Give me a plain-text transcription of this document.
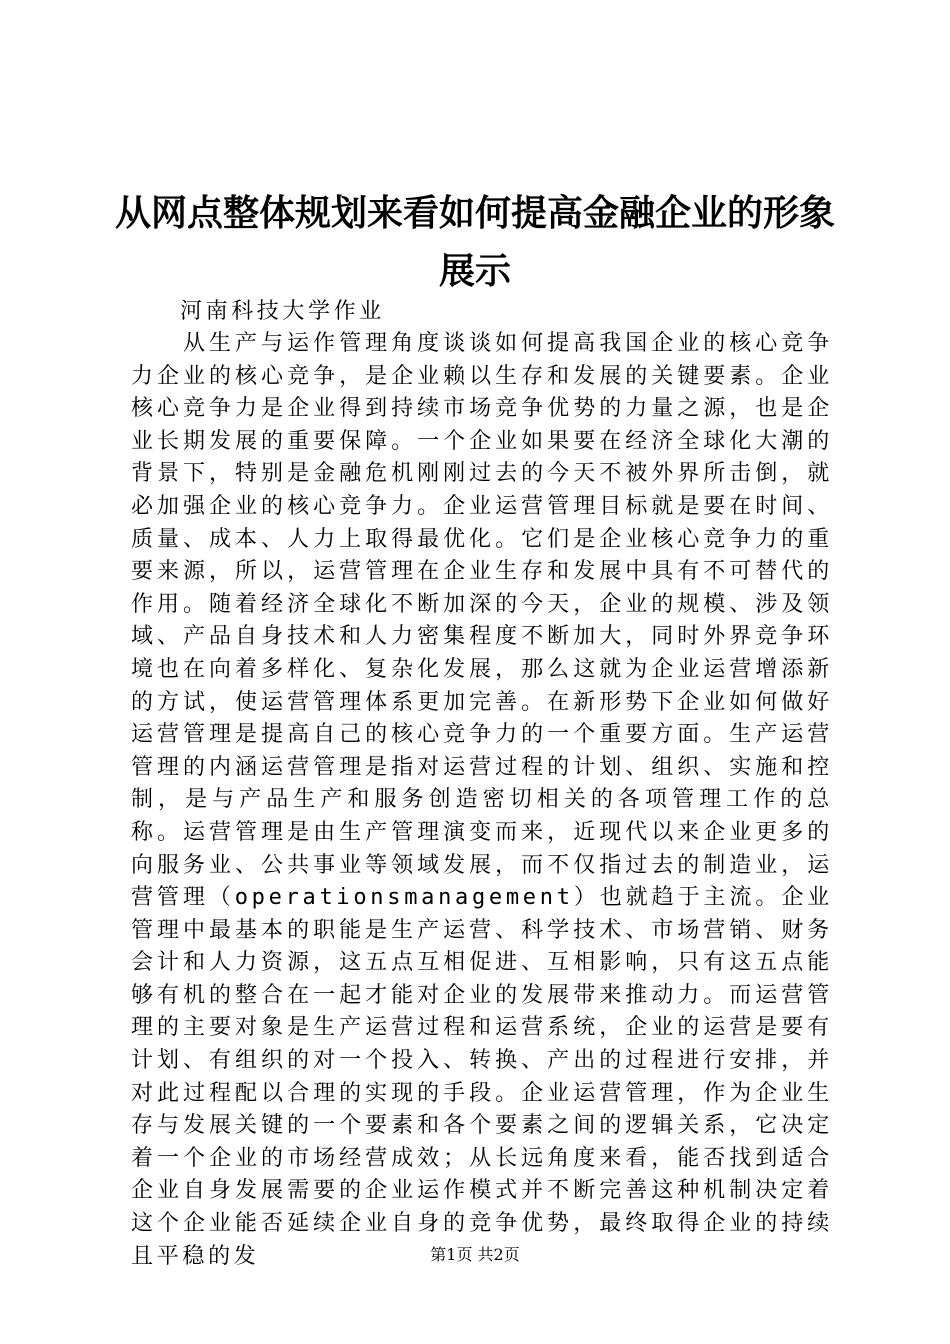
从网点整体规划来看如何提高金融企业的形象展示

河南科技大学作业

从生产与运作管理角度谈谈如何提高我国企业的核心竞争力企业的核心竞争，是企业赖以生存和发展的关键要素。企业核心竞争力是企业得到持续市场竞争优势的力量之源，也是企业长期发展的重要保障。一个企业如果要在经济全球化大潮的背景下，特别是金融危机刚刚过去的今天不被外界所击倒，就必加强企业的核心竞争力。企业运营管理目标就是要在时间、质量、成本、人力上取得最优化。它们是企业核心竞争力的重要来源，所以，运营管理在企业生存和发展中具有不可替代的作用。随着经济全球化不断加深的今天，企业的规模、涉及领域、产品自身技术和人力密集程度不断加大，同时外界竞争环境也在向着多样化、复杂化发展，那么这就为企业运营增添新的方试，使运营管理体系更加完善。在新形势下企业如何做好运营管理是提高自己的核心竞争力的一个重要方面。生产运营管理的内涵运营管理是指对运营过程的计划、组织、实施和控制，是与产品生产和服务创造密切相关的各项管理工作的总称。运营管理是由生产管理演变而来，近现代以来企业更多的向服务业、公共事业等领域发展，而不仅指过去的制造业，运营管理（operationsmanagement）也就趋于主流。企业管理中最基本的职能是生产运营、科学技术、市场营销、财务会计和人力资源，这五点互相促进、互相影响，只有这五点能够有机的整合在一起才能对企业的发展带来推动力。而运营管理的主要对象是生产运营过程和运营系统，企业的运营是要有计划、有组织的对一个投入、转换、产出的过程进行安排，并对此过程配以合理的实现的手段。企业运营管理，作为企业生存与发展关键的一个要素和各个要素之间的逻辑关系，它决定着一个企业的市场经营成效；从长远角度来看，能否找到适合企业自身发展需要的企业运作模式并不断完善这种机制决定着这个企业能否延续企业自身的竞争优势，最终取得企业的持续且平稳的发	第1页 共2页
